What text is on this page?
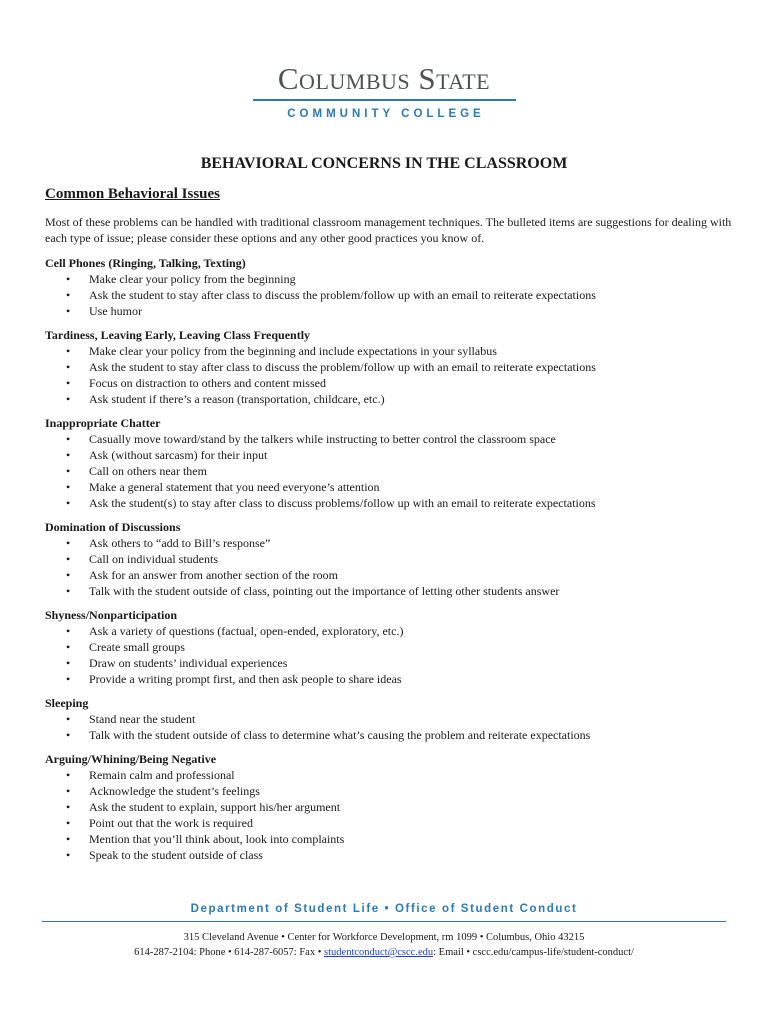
Columbus State
COMMUNITY COLLEGE
BEHAVIORAL CONCERNS IN THE CLASSROOM
Common Behavioral Issues
Most of these problems can be handled with traditional classroom management techniques. The bulleted items are suggestions for dealing with each type of issue; please consider these options and any other good practices you know of.
Cell Phones (Ringing, Talking, Texting)
• Make clear your policy from the beginning
• Ask the student to stay after class to discuss the problem/follow up with an email to reiterate expectations
• Use humor
Tardiness, Leaving Early, Leaving Class Frequently
• Make clear your policy from the beginning and include expectations in your syllabus
• Ask the student to stay after class to discuss the problem/follow up with an email to reiterate expectations
• Focus on distraction to others and content missed
• Ask student if there’s a reason (transportation, childcare, etc.)
Inappropriate Chatter
• Casually move toward/stand by the talkers while instructing to better control the classroom space
• Ask (without sarcasm) for their input
• Call on others near them
• Make a general statement that you need everyone’s attention
• Ask the student(s) to stay after class to discuss problems/follow up with an email to reiterate expectations
Domination of Discussions
• Ask others to “add to Bill’s response”
• Call on individual students
• Ask for an answer from another section of the room
• Talk with the student outside of class, pointing out the importance of letting other students answer
Shyness/Nonparticipation
• Ask a variety of questions (factual, open-ended, exploratory, etc.)
• Create small groups
• Draw on students’ individual experiences
• Provide a writing prompt first, and then ask people to share ideas
Sleeping
• Stand near the student
• Talk with the student outside of class to determine what’s causing the problem and reiterate expectations
Arguing/Whining/Being Negative
• Remain calm and professional
• Acknowledge the student’s feelings
• Ask the student to explain, support his/her argument
• Point out that the work is required
• Mention that you’ll think about, look into complaints
• Speak to the student outside of class
Department of Student Life • Office of Student Conduct
315 Cleveland Avenue • Center for Workforce Development, rm 1099 • Columbus, Ohio 43215
614-287-2104: Phone • 614-287-6057: Fax • studentconduct@cscc.edu: Email • cscc.edu/campus-life/student-conduct/
